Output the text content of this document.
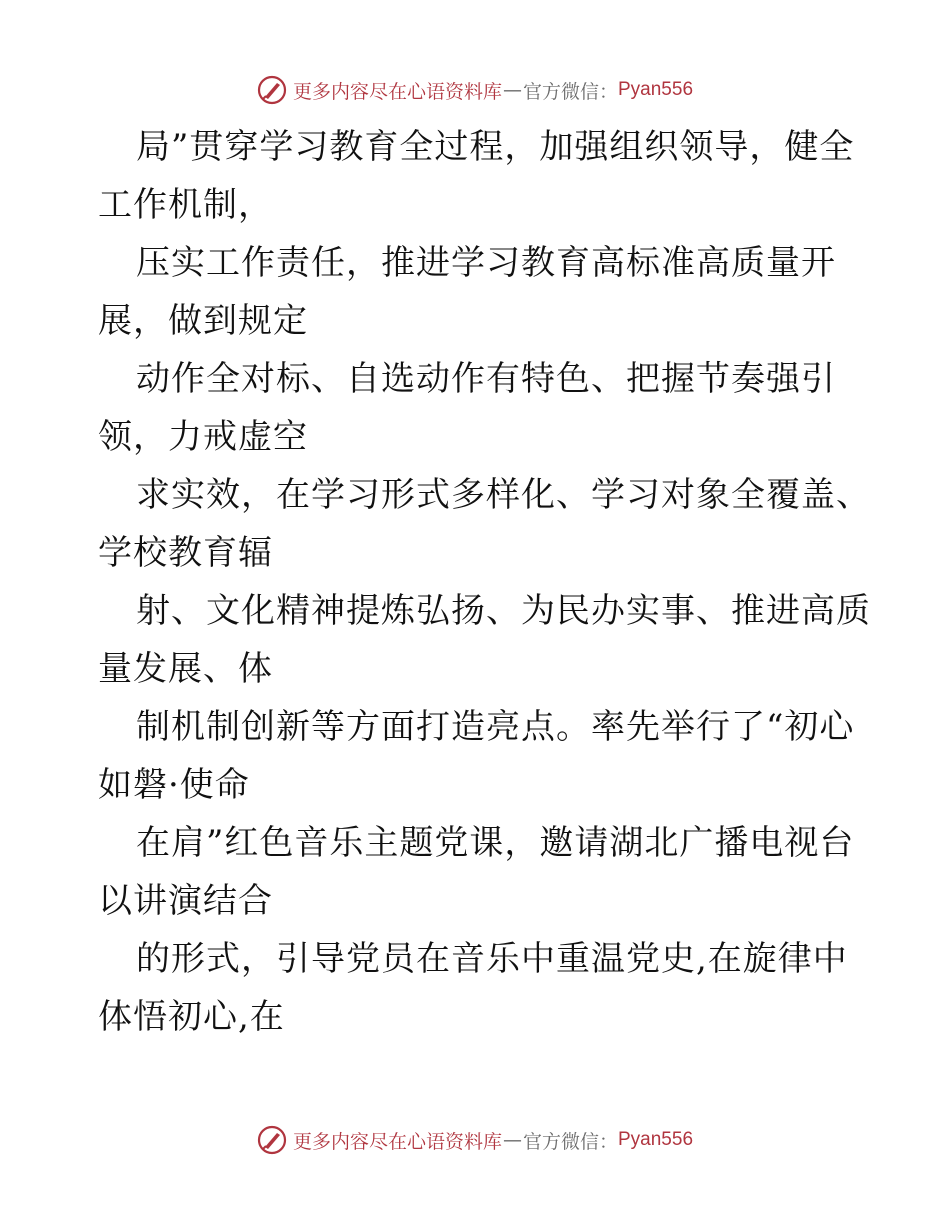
更多内容尽在心语资料库 — 官方微信： Pyan556
局”贯穿学习教育全过程，加强组织领导，健全
工作机制，
压实工作责任，推进学习教育高标准高质量开
展，做到规定
动作全对标、自选动作有特色、把握节奏强引
领，力戒虚空
求实效，在学习形式多样化、学习对象全覆盖、
学校教育辐
射、文化精神提炼弘扬、为民办实事、推进高质
量发展、体
制机制创新等方面打造亮点。率先举行了“初心
如磐·使命
在肩”红色音乐主题党课，邀请湖北广播电视台
以讲演结合
的形式，引导党员在音乐中重温党史,在旋律中
体悟初心,在
更多内容尽在心语资料库 — 官方微信： Pyan556
